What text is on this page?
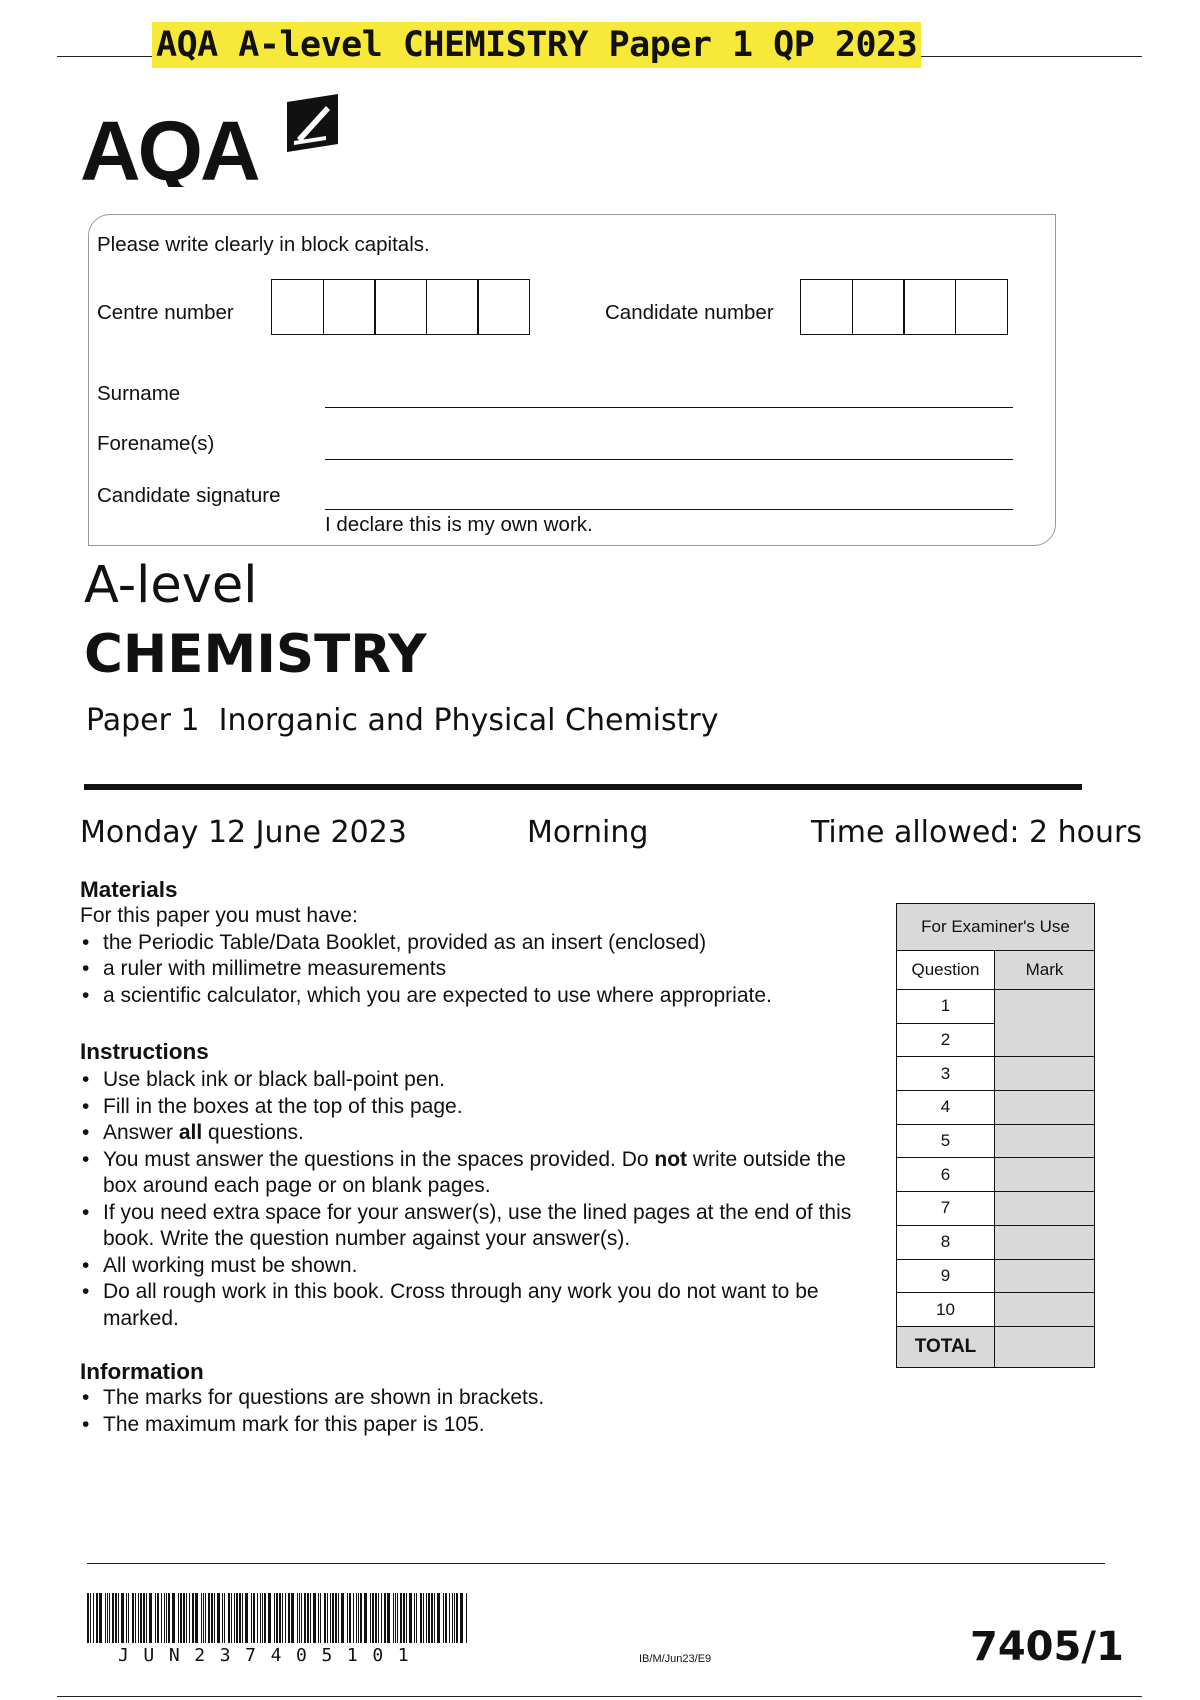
AQA A-level CHEMISTRY Paper 1 QP 2023
AQA
Please write clearly in block capitals.
Centre number	Candidate number
Surname
Forename(s)
Candidate signature
I declare this is my own work.
A-level
CHEMISTRY
Paper 1  Inorganic and Physical Chemistry
Monday 12 June 2023	Morning	Time allowed: 2 hours
Materials
For this paper you must have:
• the Periodic Table/Data Booklet, provided as an insert (enclosed)
• a ruler with millimetre measurements
• a scientific calculator, which you are expected to use where appropriate.
Instructions
• Use black ink or black ball-point pen.
• Fill in the boxes at the top of this page.
• Answer all questions.
• You must answer the questions in the spaces provided. Do not write outside the box around each page or on blank pages.
• If you need extra space for your answer(s), use the lined pages at the end of this book. Write the question number against your answer(s).
• All working must be shown.
• Do all rough work in this book. Cross through any work you do not want to be marked.
Information
• The marks for questions are shown in brackets.
• The maximum mark for this paper is 105.
For Examiner's Use	
Question	Mark
1	
2	
3	
4	
5	
6	
7	
8	
9	
10	
TOTAL	
JUN237405101	IB/M/Jun23/E9	7405/1
